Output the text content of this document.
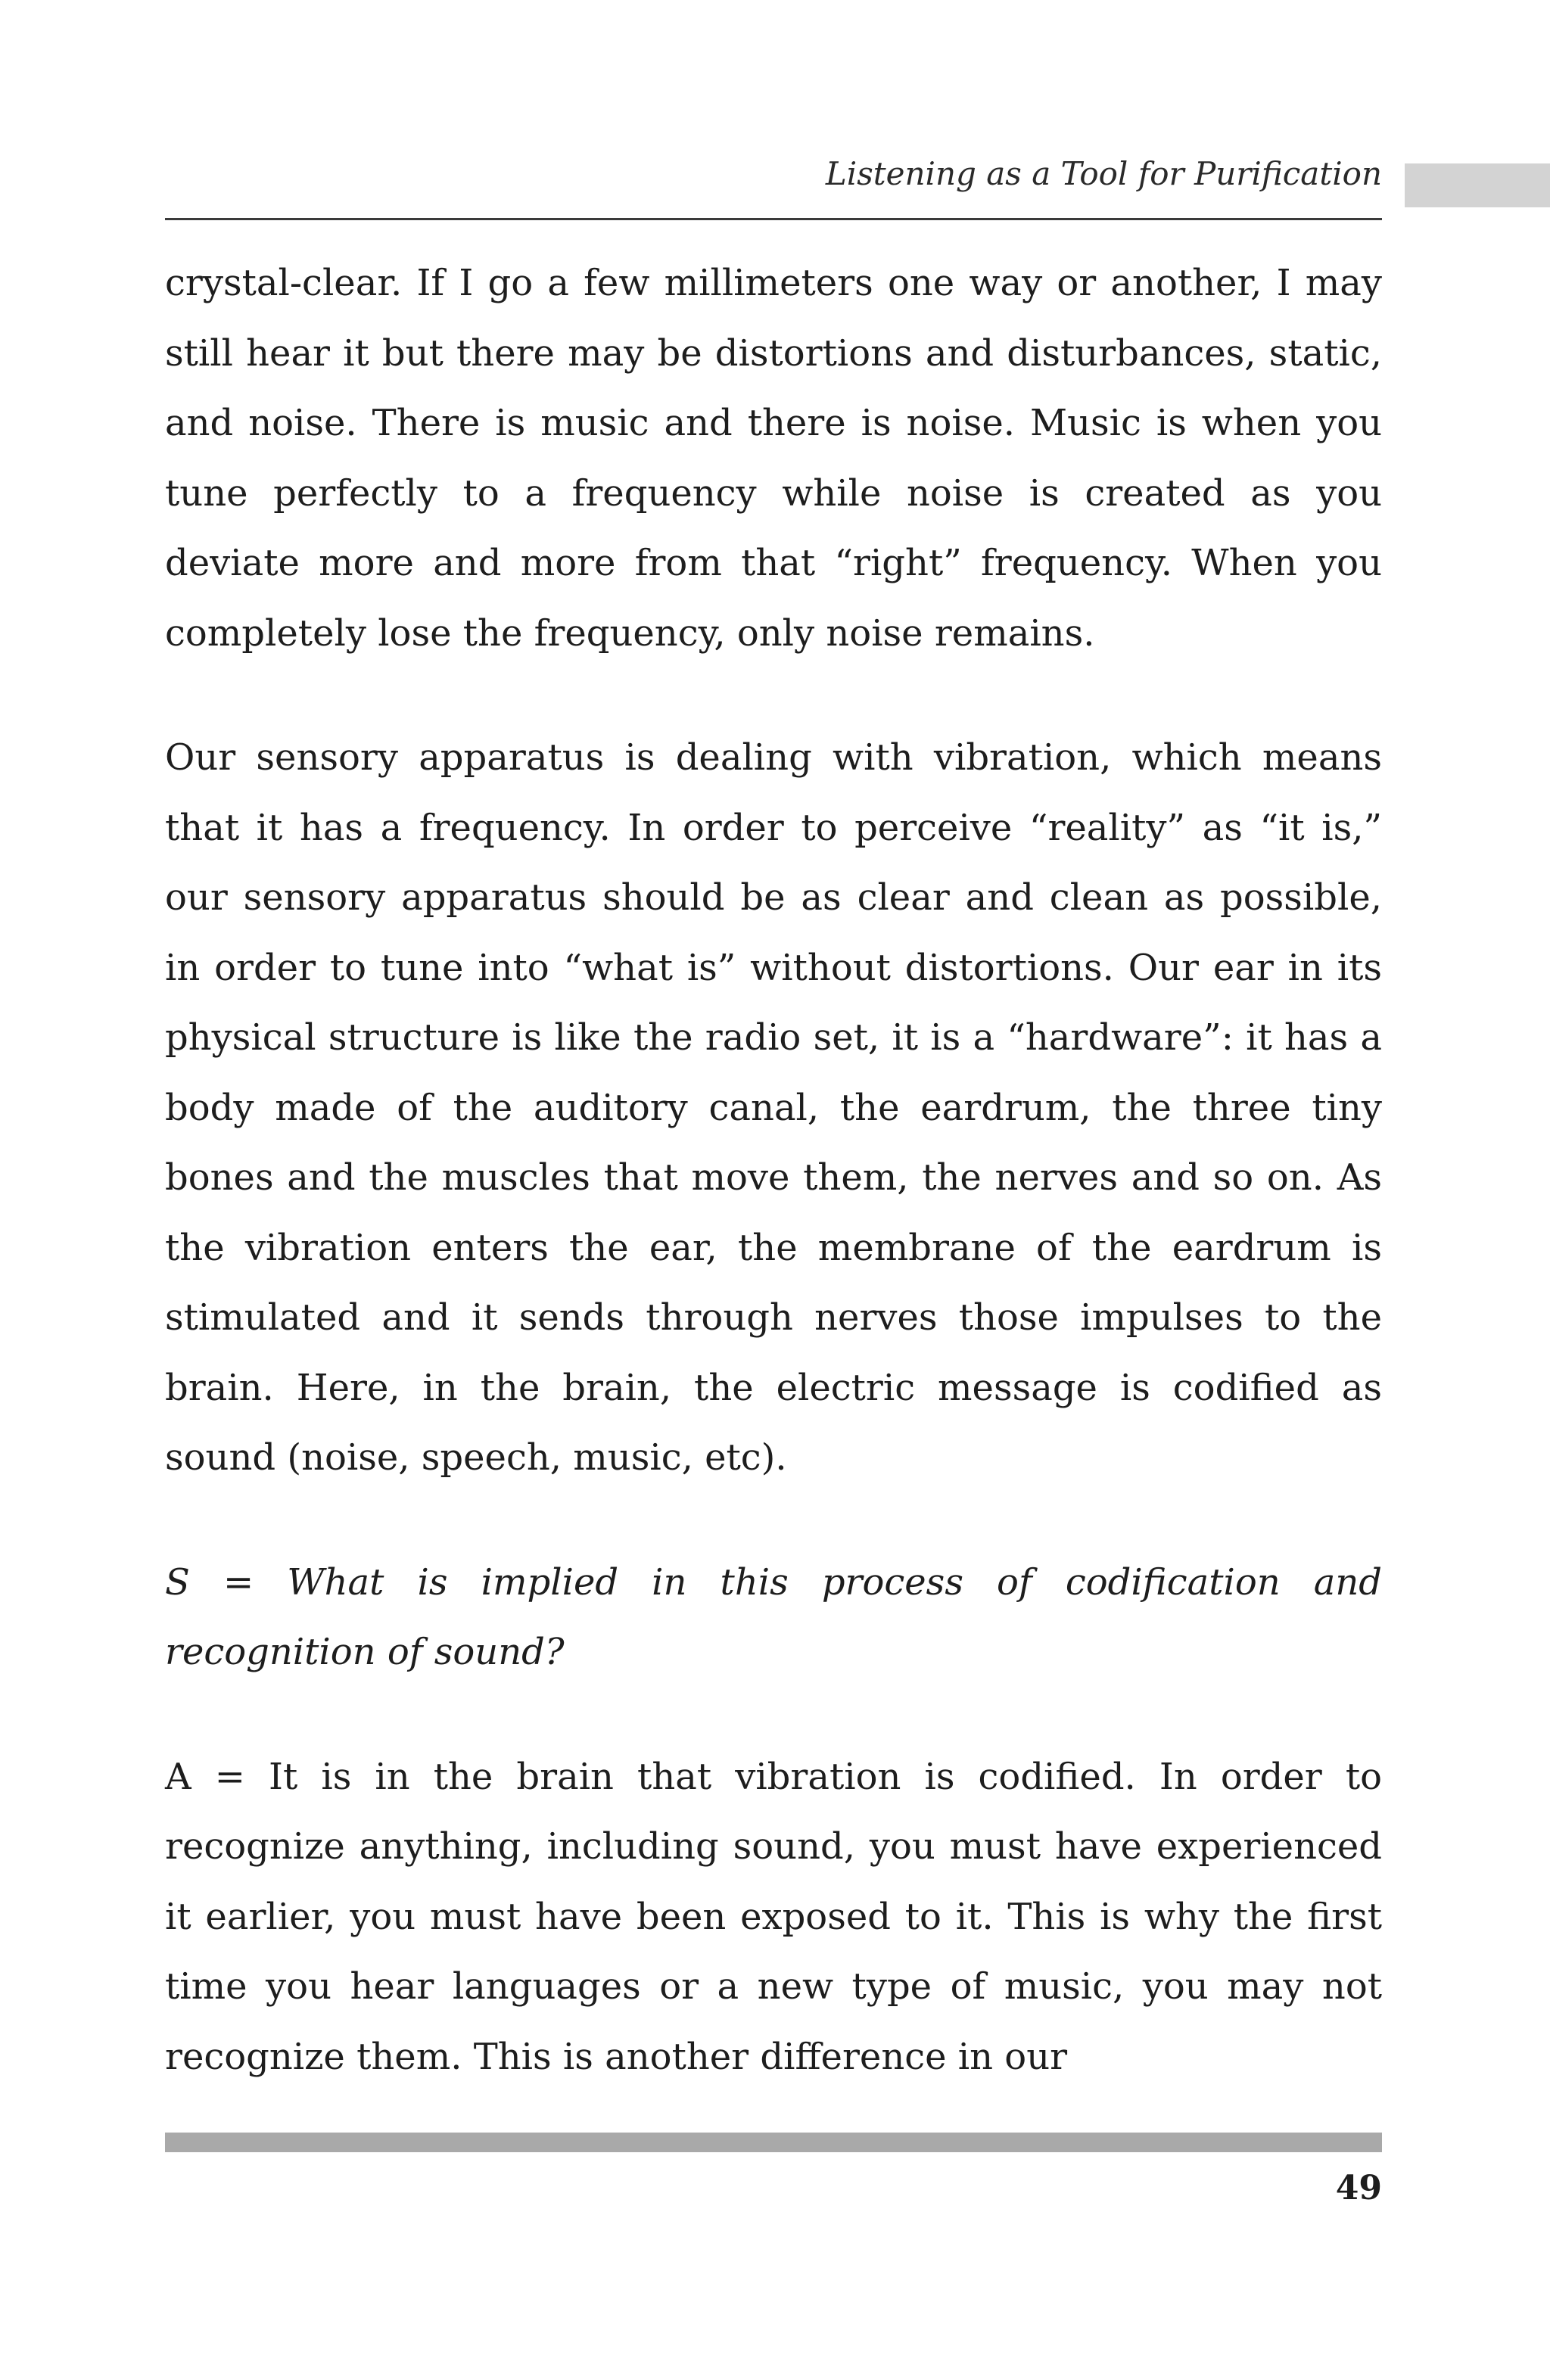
Listening as a Tool for Purification

crystal-clear. If I go a few millimeters one way or another, I may still hear it but there may be distortions and disturbances, static, and noise. There is music and there is noise. Music is when you tune perfectly to a frequency while noise is created as you deviate more and more from that “right” frequency. When you completely lose the frequency, only noise remains.

Our sensory apparatus is dealing with vibration, which means that it has a frequency. In order to perceive “reality” as “it is,” our sensory apparatus should be as clear and clean as possible, in order to tune into “what is” without distortions. Our ear in its physical structure is like the radio set, it is a “hardware”: it has a body made of the auditory canal, the eardrum, the three tiny bones and the muscles that move them, the nerves and so on. As the vibration enters the ear, the membrane of the eardrum is stimulated and it sends through nerves those impulses to the brain. Here, in the brain, the electric message is codified as sound (noise, speech, music, etc).

S = What is implied in this process of codification and recognition of sound?

A = It is in the brain that vibration is codified. In order to recognize anything, including sound, you must have experienced it earlier, you must have been exposed to it. This is why the first time you hear languages or a new type of music, you may not recognize them. This is another difference in our

49
